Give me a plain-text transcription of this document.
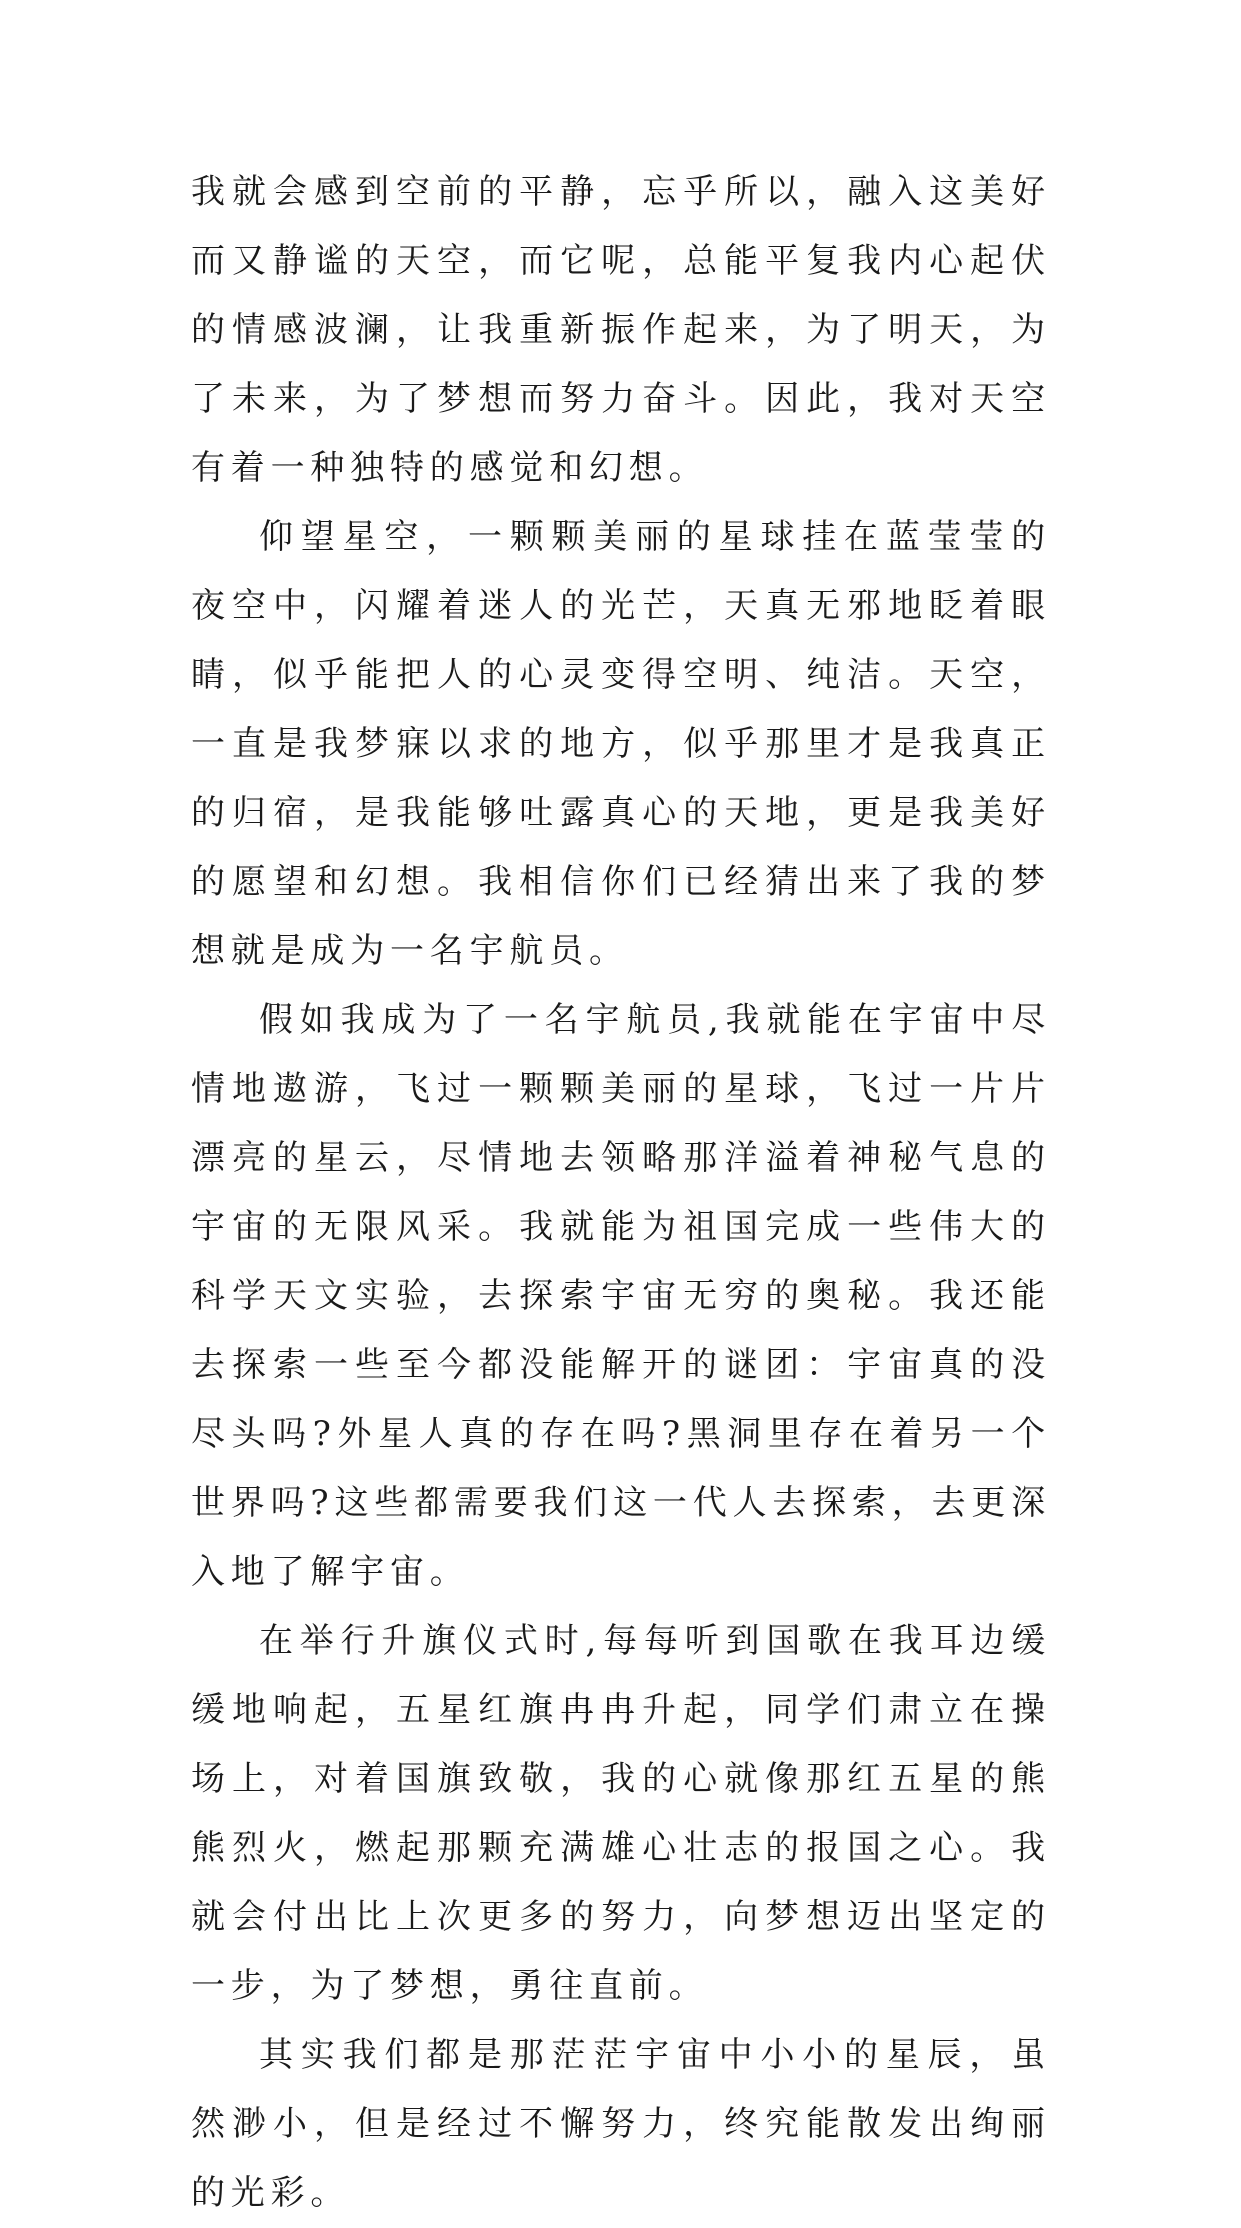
我就会感到空前的平静，忘乎所以，融入这美好而又静谧的天空，而它呢，总能平复我内心起伏的情感波澜，让我重新振作起来，为了明天，为了未来，为了梦想而努力奋斗。因此，我对天空有着一种独特的感觉和幻想。

仰望星空，一颗颗美丽的星球挂在蓝莹莹的夜空中，闪耀着迷人的光芒，天真无邪地眨着眼睛，似乎能把人的心灵变得空明、纯洁。天空，一直是我梦寐以求的地方，似乎那里才是我真正的归宿，是我能够吐露真心的天地，更是我美好的愿望和幻想。我相信你们已经猜出来了我的梦想就是成为一名宇航员。

假如我成为了一名宇航员,我就能在宇宙中尽情地遨游，飞过一颗颗美丽的星球，飞过一片片漂亮的星云，尽情地去领略那洋溢着神秘气息的宇宙的无限风采。我就能为祖国完成一些伟大的科学天文实验，去探索宇宙无穷的奥秘。我还能去探索一些至今都没能解开的谜团：宇宙真的没尽头吗?外星人真的存在吗?黑洞里存在着另一个世界吗?这些都需要我们这一代人去探索，去更深入地了解宇宙。

在举行升旗仪式时,每每听到国歌在我耳边缓缓地响起，五星红旗冉冉升起，同学们肃立在操场上，对着国旗致敬，我的心就像那红五星的熊熊烈火，燃起那颗充满雄心壮志的报国之心。我就会付出比上次更多的努力，向梦想迈出坚定的一步，为了梦想，勇往直前。

其实我们都是那茫茫宇宙中小小的星辰，虽然渺小，但是经过不懈努力，终究能散发出绚丽的光彩。
